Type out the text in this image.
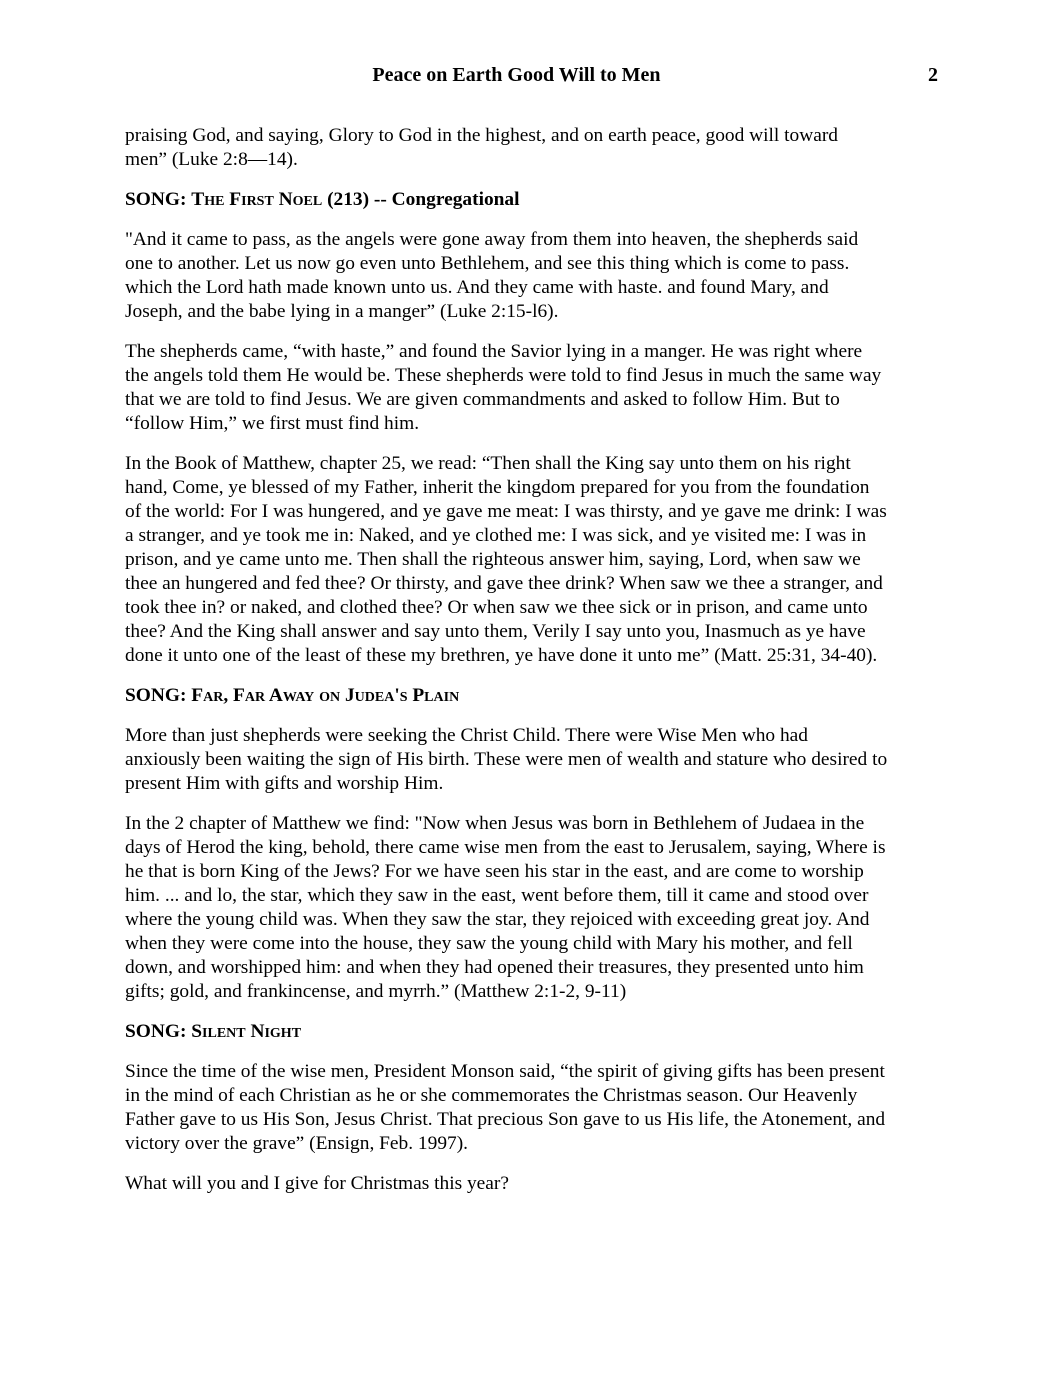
Peace on Earth Good Will to Men	2

praising God, and saying, Glory to God in the highest, and on earth peace, good will toward
men” (Luke 2:8—14).

SONG: The First Noel (213) -- Congregational

"And it came to pass, as the angels were gone away from them into heaven, the shepherds said
one to another. Let us now go even unto Bethlehem, and see this thing which is come to pass.
which the Lord hath made known unto us. And they came with haste. and found Mary, and
Joseph, and the babe lying in a manger” (Luke 2:15-l6).

The shepherds came, “with haste,” and found the Savior lying in a manger. He was right where
the angels told them He would be. These shepherds were told to find Jesus in much the same way
that we are told to find Jesus. We are given commandments and asked to follow Him. But to
“follow Him,” we first must find him.

In the Book of Matthew, chapter 25, we read: “Then shall the King say unto them on his right
hand, Come, ye blessed of my Father, inherit the kingdom prepared for you from the foundation
of the world: For I was hungered, and ye gave me meat: I was thirsty, and ye gave me drink: I was
a stranger, and ye took me in: Naked, and ye clothed me: I was sick, and ye visited me: I was in
prison, and ye came unto me. Then shall the righteous answer him, saying, Lord, when saw we
thee an hungered and fed thee? Or thirsty, and gave thee drink? When saw we thee a stranger, and
took thee in? or naked, and clothed thee? Or when saw we thee sick or in prison, and came unto
thee? And the King shall answer and say unto them, Verily I say unto you, Inasmuch as ye have
done it unto one of the least of these my brethren, ye have done it unto me” (Matt. 25:31, 34-40).

SONG: Far, Far Away on Judea's Plain

More than just shepherds were seeking the Christ Child. There were Wise Men who had
anxiously been waiting the sign of His birth. These were men of wealth and stature who desired to
present Him with gifts and worship Him.

In the 2 chapter of Matthew we find: "Now when Jesus was born in Bethlehem of Judaea in the
days of Herod the king, behold, there came wise men from the east to Jerusalem, saying, Where is
he that is born King of the Jews? For we have seen his star in the east, and are come to worship
him. ... and lo, the star, which they saw in the east, went before them, till it came and stood over
where the young child was. When they saw the star, they rejoiced with exceeding great joy. And
when they were come into the house, they saw the young child with Mary his mother, and fell
down, and worshipped him: and when they had opened their treasures, they presented unto him
gifts; gold, and frankincense, and myrrh.” (Matthew 2:1-2, 9-11)

SONG: Silent Night

Since the time of the wise men, President Monson said, “the spirit of giving gifts has been present
in the mind of each Christian as he or she commemorates the Christmas season. Our Heavenly
Father gave to us His Son, Jesus Christ. That precious Son gave to us His life, the Atonement, and
victory over the grave” (Ensign, Feb. 1997).

What will you and I give for Christmas this year?
